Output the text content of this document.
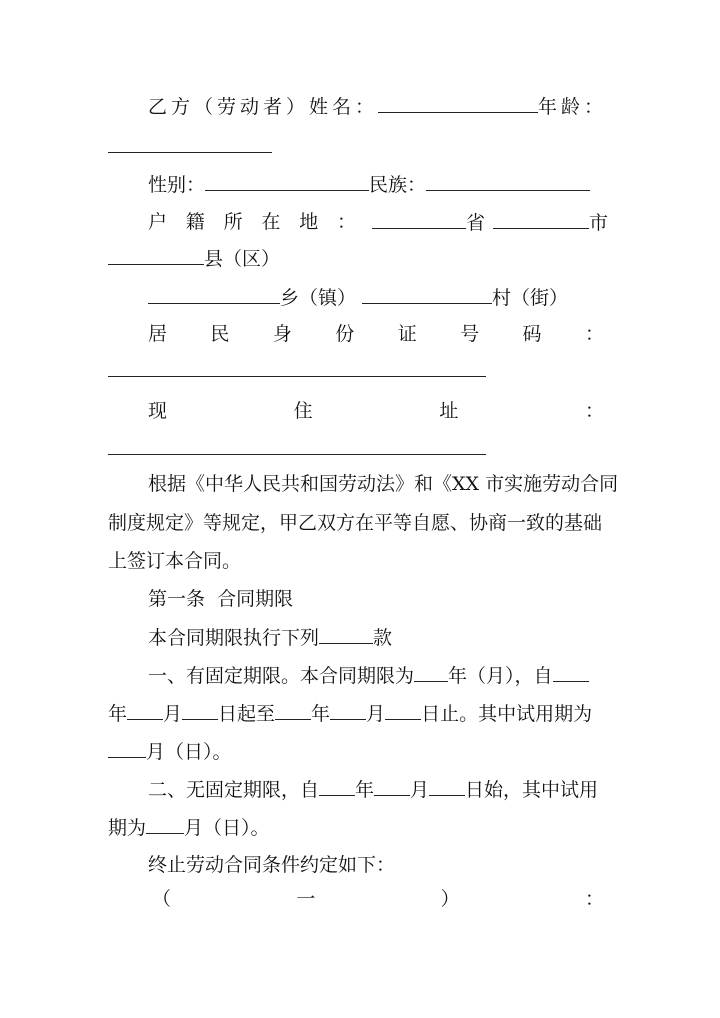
乙方（劳动者）姓名：	年龄：
性别：	民族：
户 籍 所 在 地 ：	省	市
县（区）
乡（镇）	村（街）
居 民 身 份 证 号 码 ：
现	住	址	：
根据《中华人民共和国劳动法》和《XX 市实施劳动合同
制度规定》等规定，甲乙双方在平等自愿、协商一致的基础
上签订本合同。
第一条  合同期限
本合同期限执行下列	款
一、有固定期限。本合同期限为 年（月），自
年 月 日起至 年 月 日止。其中试用期为
月（日）。
二、无固定期限，自 年 月 日始，其中试用
期为 月（日）。
终止劳动合同条件约定如下：
（	一	）	：
